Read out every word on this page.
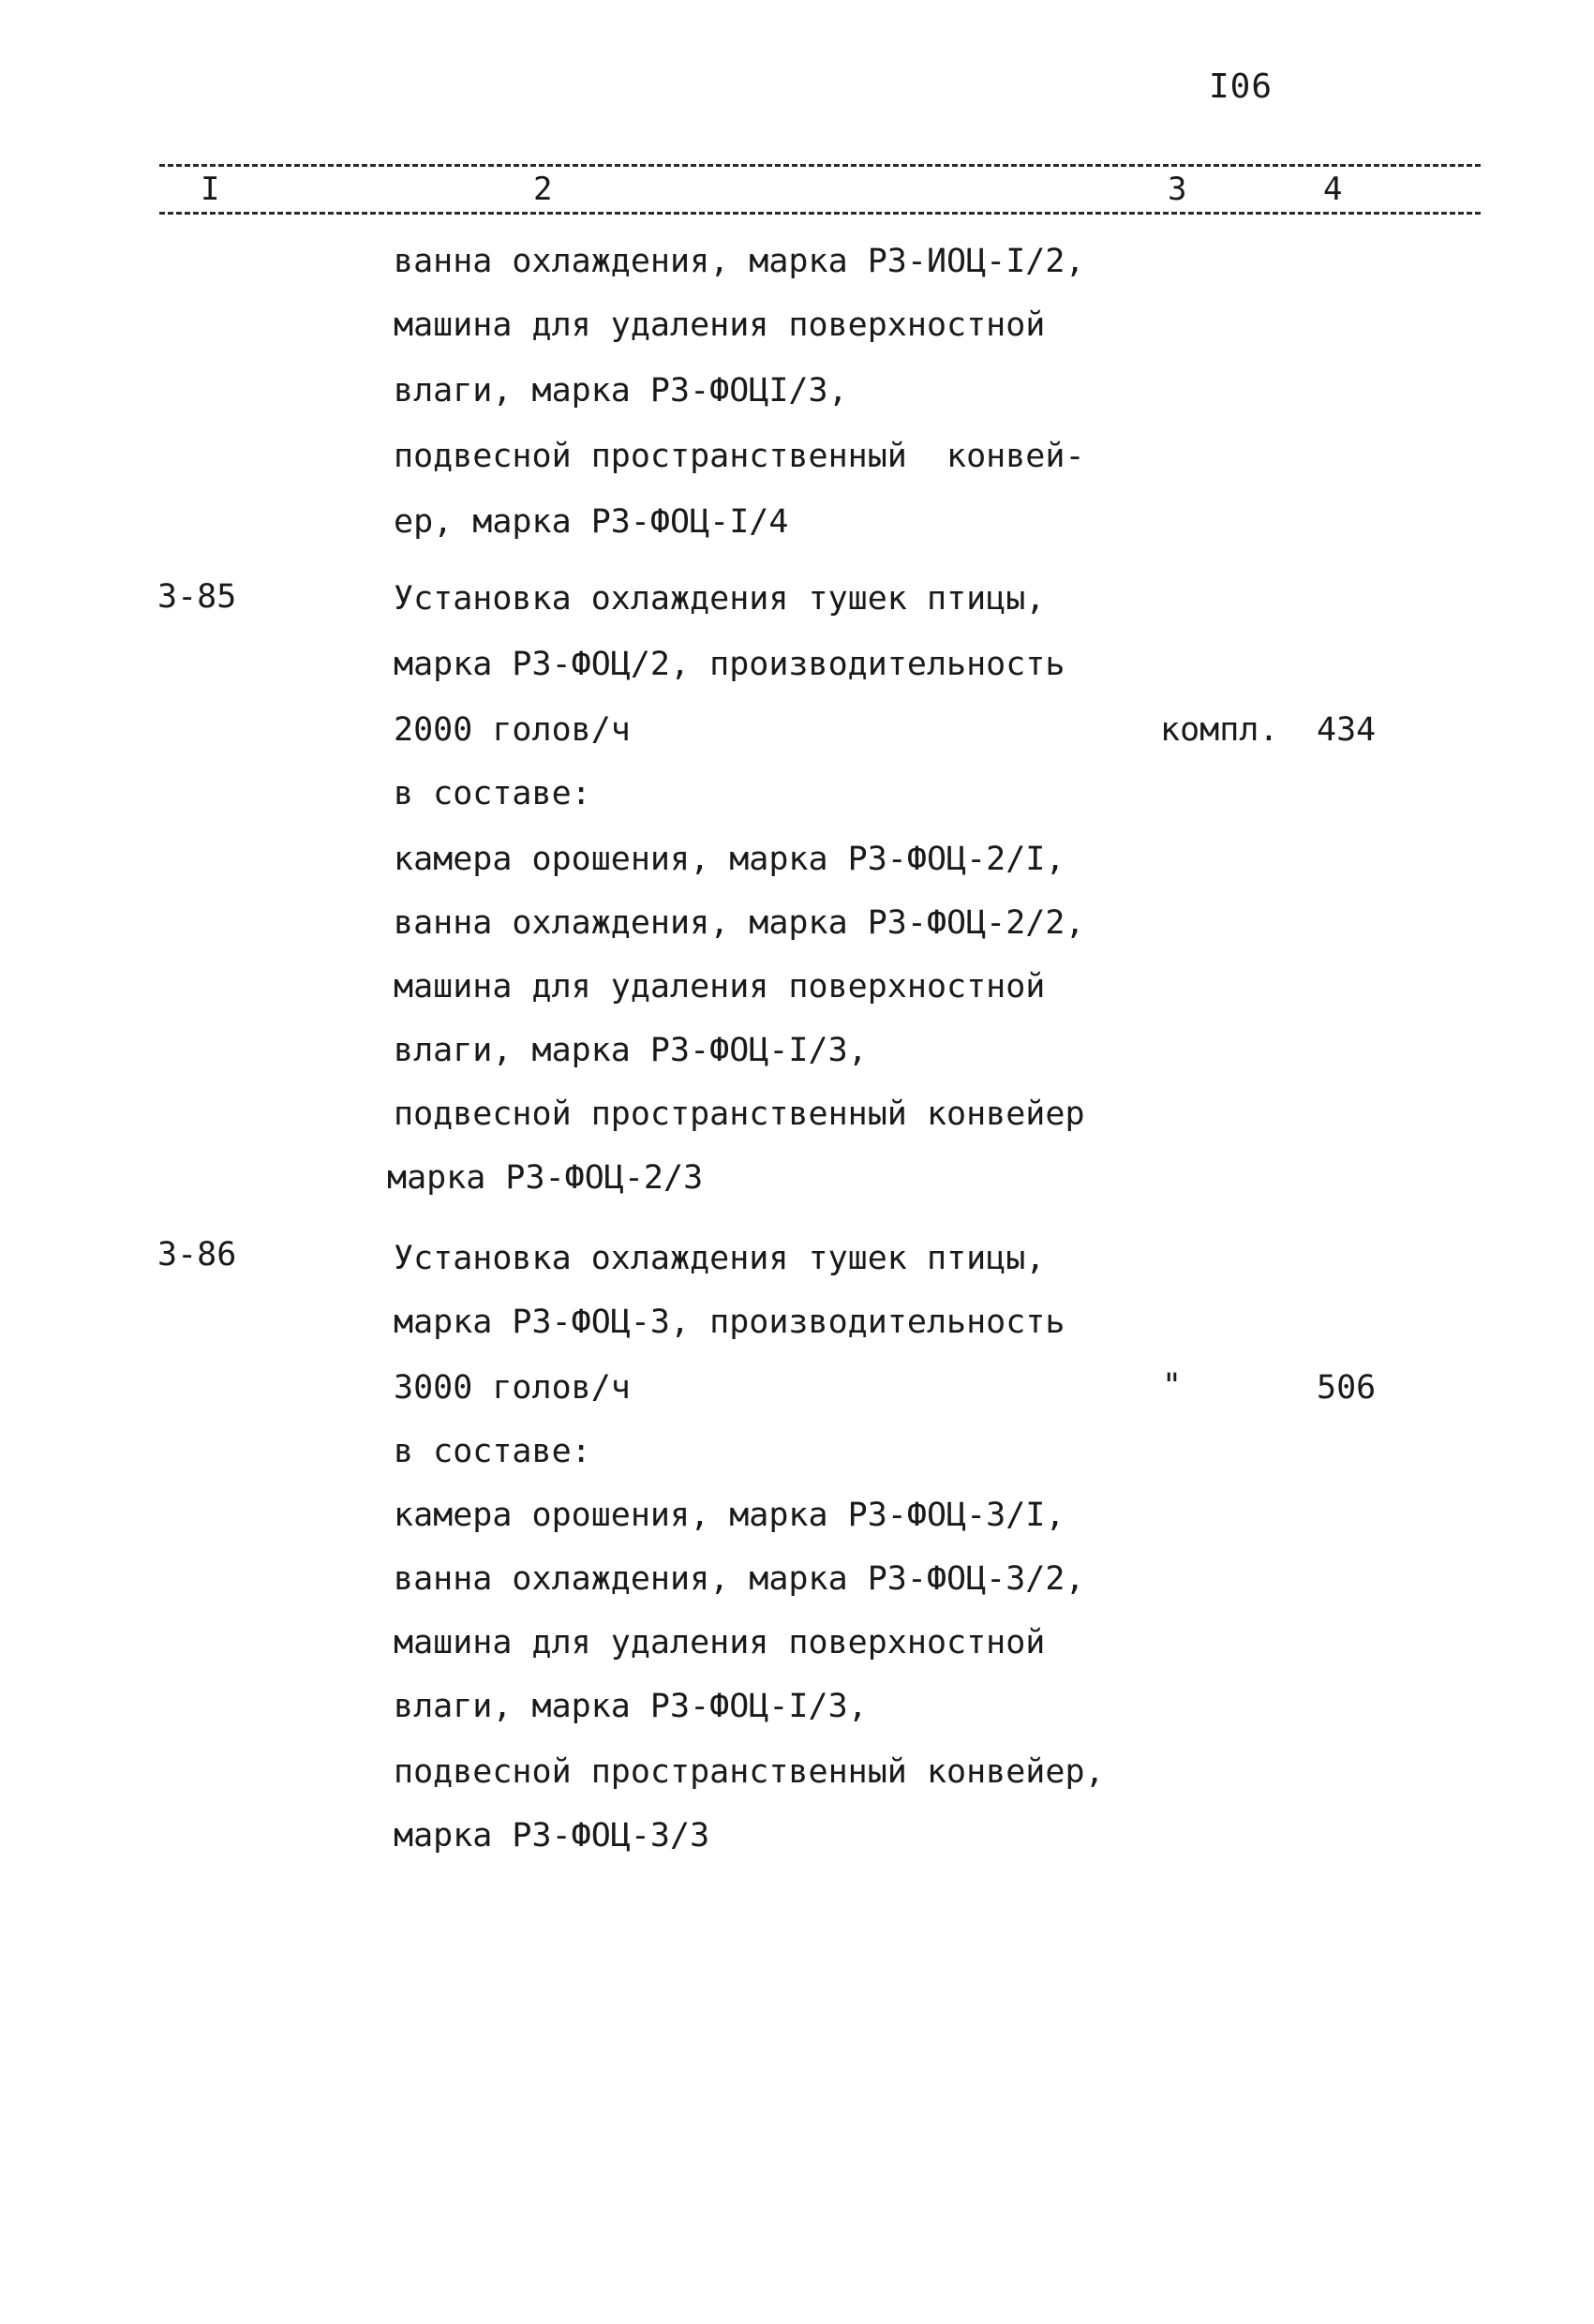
I06
I	2	3	4
ванна охлаждения, марка РЗ-ИОЦ-I/2,
машина для удаления поверхностной
влаги, марка РЗ-ФОЦI/3,
подвесной пространственный  конвей-
ер, марка РЗ-ФОЦ-I/4
3-85	Установка охлаждения тушек птицы,
марка РЗ-ФОЦ/2, производительность
2000 голов/ч	компл. 434
в составе:
камера орошения, марка РЗ-ФОЦ-2/I,
ванна охлаждения, марка РЗ-ФОЦ-2/2,
машина для удаления поверхностной
влаги, марка РЗ-ФОЦ-I/3,
подвесной пространственный конвейер
марка РЗ-ФОЦ-2/3
3-86	Установка охлаждения тушек птицы,
марка РЗ-ФОЦ-3, производительность
3000 голов/ч	"	506
в составе:
камера орошения, марка РЗ-ФОЦ-3/I,
ванна охлаждения, марка РЗ-ФОЦ-3/2,
машина для удаления поверхностной
влаги, марка РЗ-ФОЦ-I/3,
подвесной пространственный конвейер,
марка РЗ-ФОЦ-3/3
